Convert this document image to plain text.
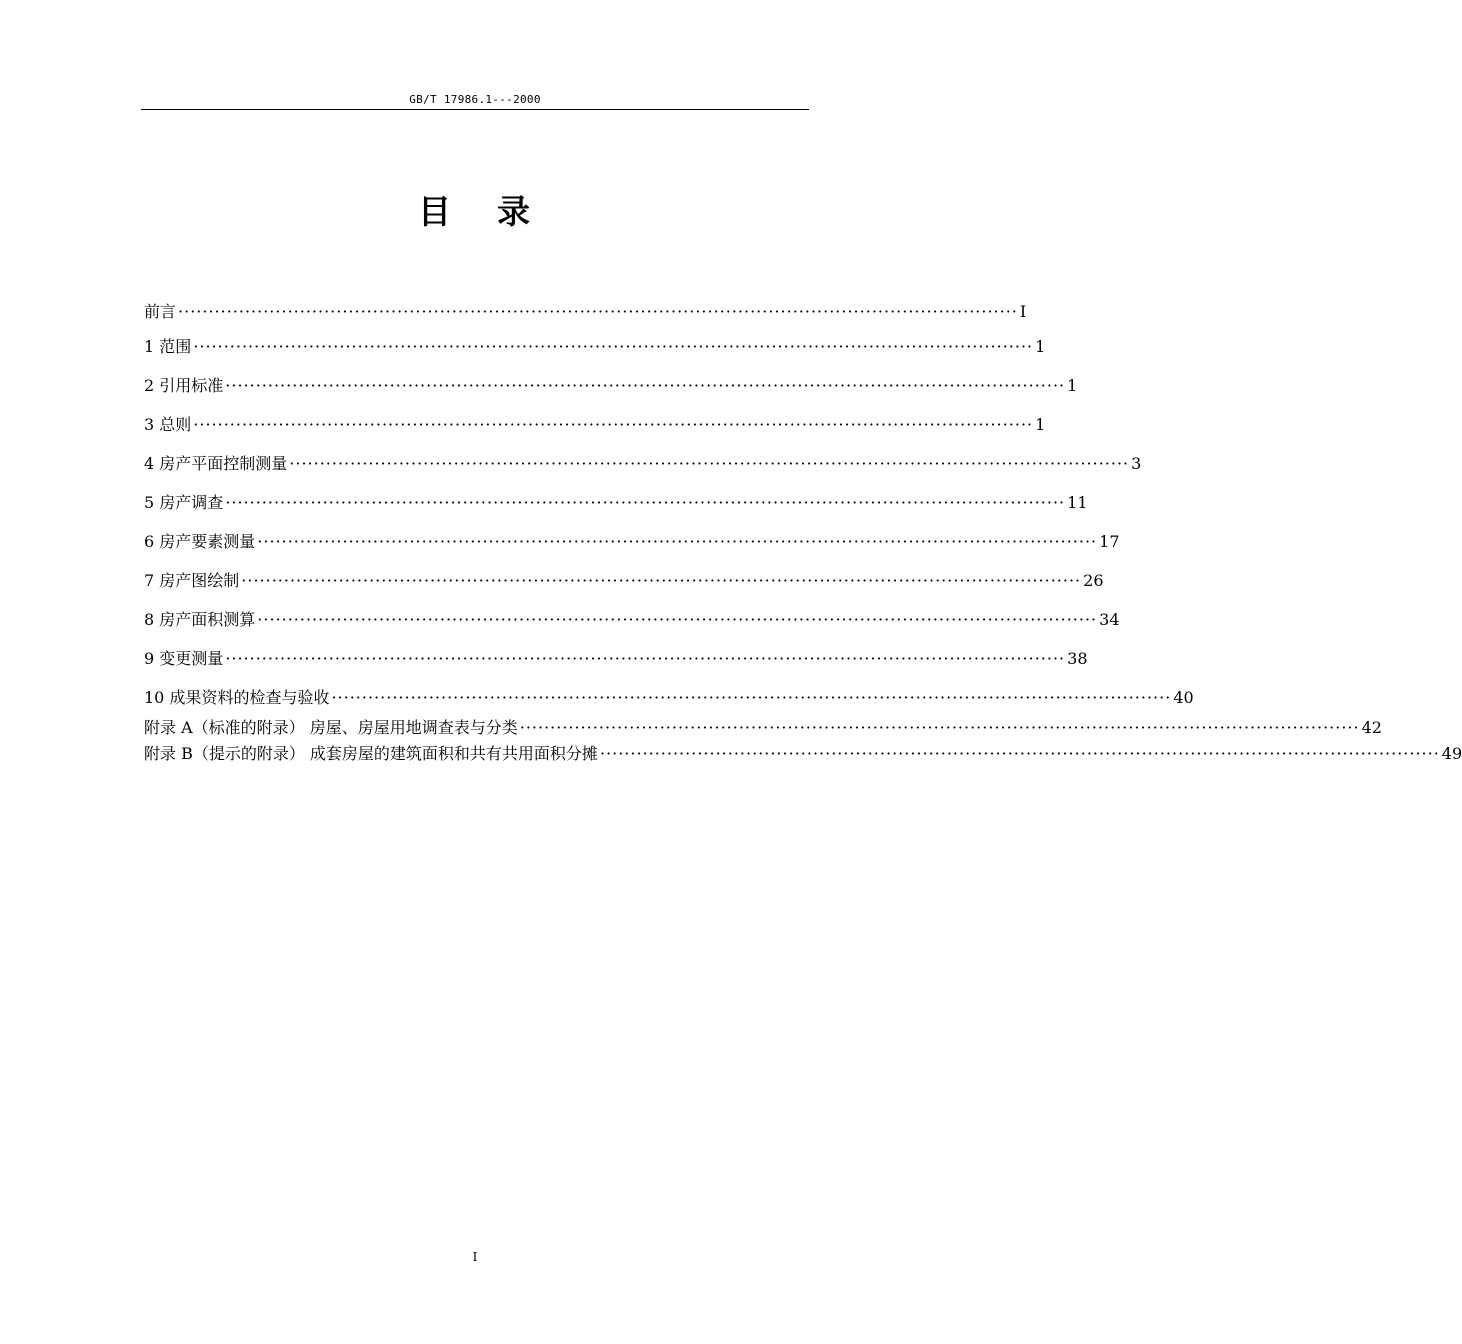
GB/T 17986.1---2000
目 录
前言 ·········································································································································· I
1 范围 ·········································································································································· 1
2 引用标准 ·········································································································································· 1
3 总则 ·········································································································································· 1
4 房产平面控制测量 ·········································································································································· 3
5 房产调查 ·········································································································································· 11
6 房产要素测量 ·········································································································································· 17
7 房产图绘制 ·········································································································································· 26
8 房产面积测算 ·········································································································································· 34
9 变更测量 ·········································································································································· 38
10 成果资料的检查与验收 ·········································································································································· 40
附录 A（标准的附录） 房屋、房屋用地调查表与分类 ·········································································································································· 42
附录 B（提示的附录） 成套房屋的建筑面积和共有共用面积分摊 ·········································································································································· 49
I
